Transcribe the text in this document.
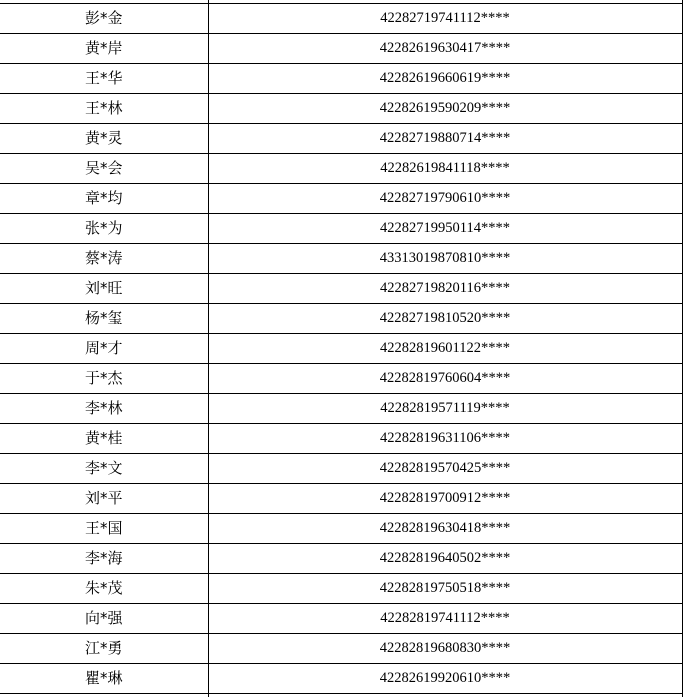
彭*金	42282719741112****
黄*岸	42282619630417****
王*华	42282619660619****
王*林	42282619590209****
黄*灵	42282719880714****
吴*会	42282619841118****
章*均	42282719790610****
张*为	42282719950114****
蔡*涛	43313019870810****
刘*旺	42282719820116****
杨*玺	42282719810520****
周*才	42282819601122****
于*杰	42282819760604****
李*林	42282819571119****
黄*桂	42282819631106****
李*文	42282819570425****
刘*平	42282819700912****
王*国	42282819630418****
李*海	42282819640502****
朱*茂	42282819750518****
向*强	42282819741112****
江*勇	42282819680830****
瞿*琳	42282619920610****
